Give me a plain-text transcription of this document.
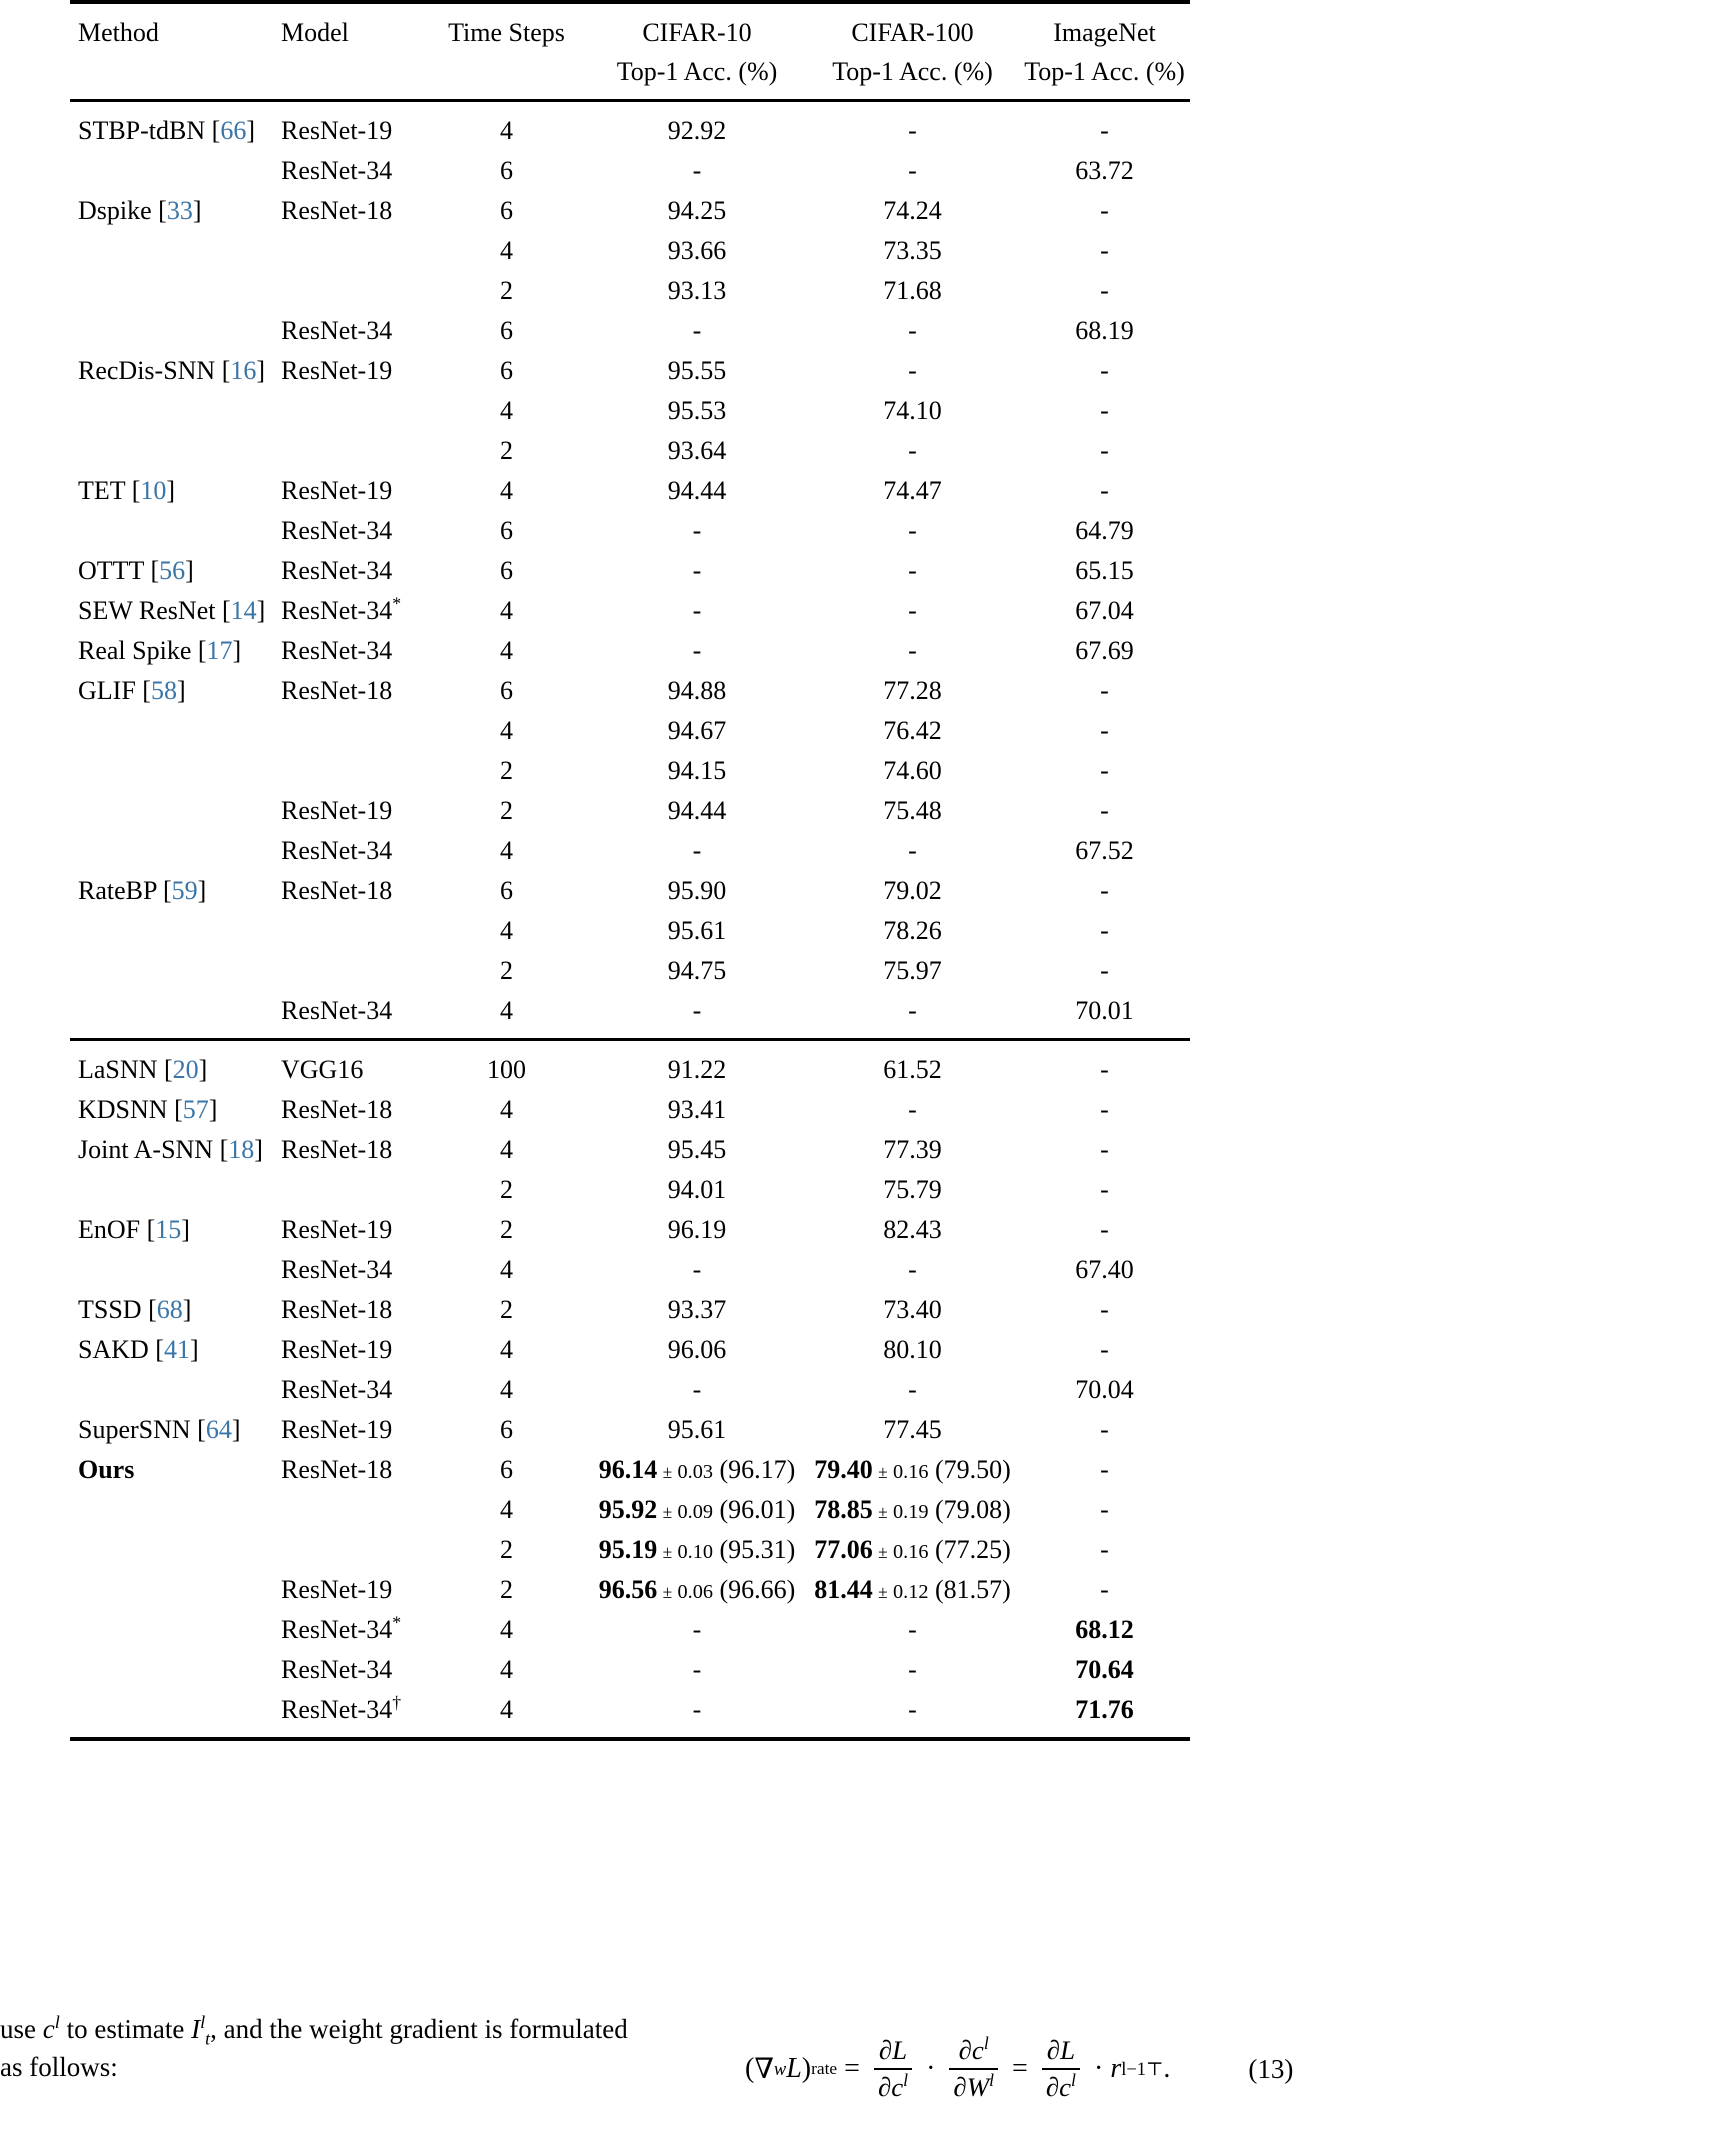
Method	Model	Time Steps	CIFAR-10	CIFAR-100	ImageNet
			Top-1 Acc. (%)	Top-1 Acc. (%)	Top-1 Acc. (%)
STBP-tdBN [66]	ResNet-19	4	92.92	-	-
	ResNet-34	6	-	-	63.72
Dspike [33]	ResNet-18	6	94.25	74.24	-
		4	93.66	73.35	-
		2	93.13	71.68	-
	ResNet-34	6	-	-	68.19
RecDis-SNN [16]	ResNet-19	6	95.55	-	-
		4	95.53	74.10	-
		2	93.64	-	-
TET [10]	ResNet-19	4	94.44	74.47	-
	ResNet-34	6	-	-	64.79
OTTT [56]	ResNet-34	6	-	-	65.15
SEW ResNet [14]	ResNet-34*	4	-	-	67.04
Real Spike [17]	ResNet-34	4	-	-	67.69
GLIF [58]	ResNet-18	6	94.88	77.28	-
		4	94.67	76.42	-
		2	94.15	74.60	-
	ResNet-19	2	94.44	75.48	-
	ResNet-34	4	-	-	67.52
RateBP [59]	ResNet-18	6	95.90	79.02	-
		4	95.61	78.26	-
		2	94.75	75.97	-
	ResNet-34	4	-	-	70.01
LaSNN [20]	VGG16	100	91.22	61.52	-
KDSNN [57]	ResNet-18	4	93.41	-	-
Joint A-SNN [18]	ResNet-18	4	95.45	77.39	-
		2	94.01	75.79	-
EnOF [15]	ResNet-19	2	96.19	82.43	-
	ResNet-34	4	-	-	67.40
TSSD [68]	ResNet-18	2	93.37	73.40	-
SAKD [41]	ResNet-19	4	96.06	80.10	-
	ResNet-34	4	-	-	70.04
SuperSNN [64]	ResNet-19	6	95.61	77.45	-
Ours	ResNet-18	6	96.14 ± 0.03 (96.17)	79.40 ± 0.16 (79.50)	-
		4	95.92 ± 0.09 (96.01)	78.85 ± 0.19 (79.08)	-
		2	95.19 ± 0.10 (95.31)	77.06 ± 0.16 (77.25)	-
	ResNet-19	2	96.56 ± 0.06 (96.66)	81.44 ± 0.12 (81.57)	-
	ResNet-34*	4	-	-	68.12
	ResNet-34	4	-	-	70.64
	ResNet-34†	4	-	-	71.76
use $c^l$ to estimate $I^l_t$, and the weight gradient is formulated
as follows:	( ∇ w L ) rate = $\frac{\partial L}{\partial c^l} \cdot \frac{\partial c^l}{\partial W^l} = \frac{\partial L}{\partial c^l} \cdot r$ l−1⊤ .	(13)
